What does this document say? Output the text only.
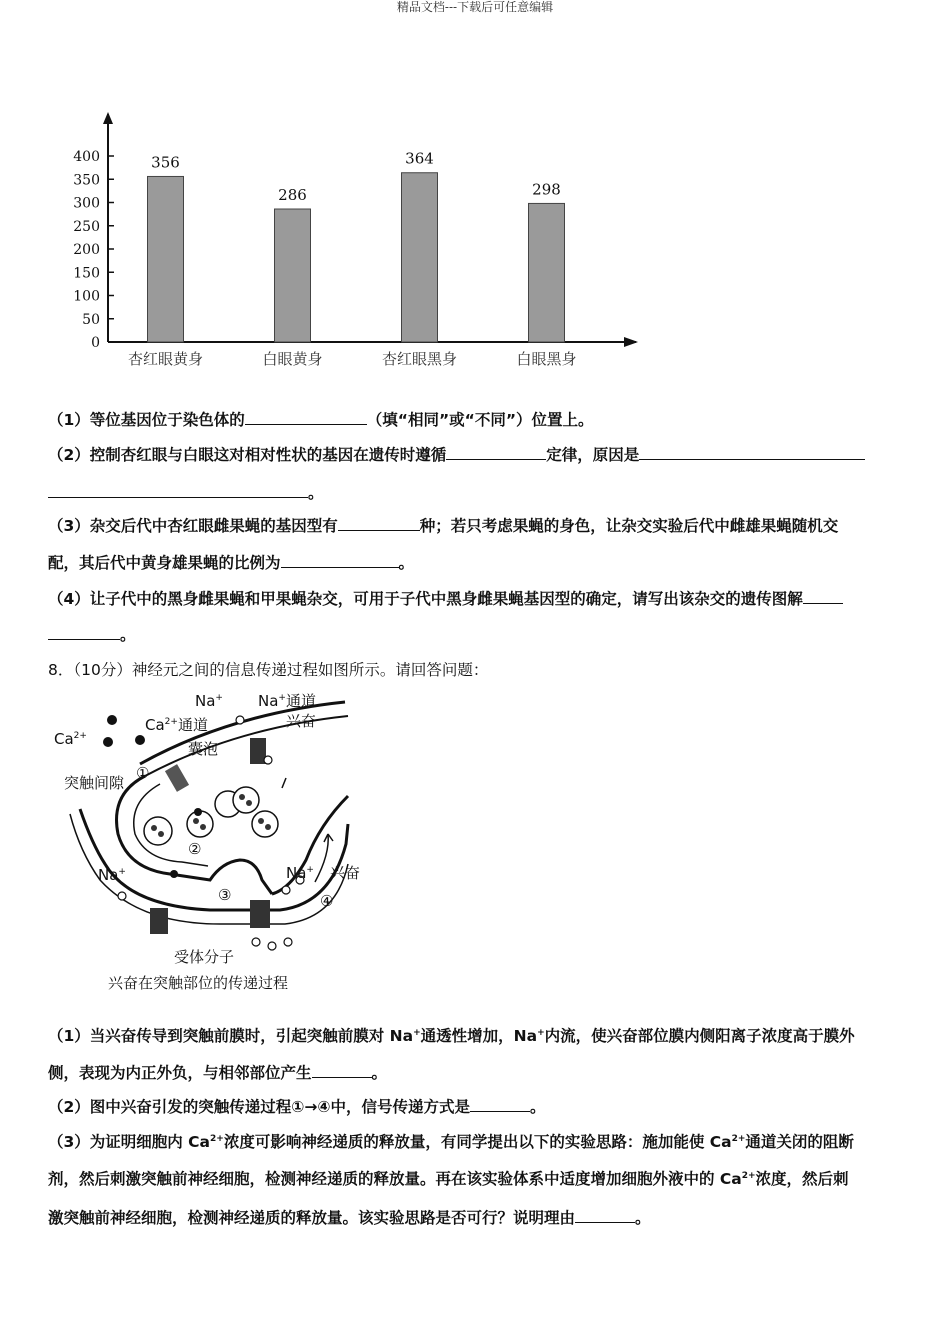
精品文档---下载后可任意编辑
0
50
100
150
200
250
300
350
400	356
杏红眼黄身
286
白眼黄身
364
杏红眼黑身
298
白眼黑身
（1）等位基因位于染色体的	（填“相同”或“不同”）位置上。
（2）控制杏红眼与白眼这对相对性状的基因在遗传时遵循	定律，原因是
。
（3）杂交后代中杏红眼雌果蝇的基因型有	种；若只考虑果蝇的身色，让杂交实验后代中雌雄果蝇随机交
配，其后代中黄身雄果蝇的比例为	。
（4）让子代中的黑身雌果蝇和甲果蝇杂交，可用于子代中黑身雌果蝇基因型的确定，请写出该杂交的遗传图解
。
8．（10分）神经元之间的信息传递过程如图所示。请回答问题：
Na+ Na+通道
兴奋
$Ca^{2+}$
$Ca^{2+}$通道
囊泡
突触间隙
Na+	Na+ 兴奋
①
②
③	④
受体分子
兴奋在突触部位的传递过程
（1）当兴奋传导到突触前膜时，引起突触前膜对 Na+通透性增加，Na+内流，使兴奋部位膜内侧阳离子浓度高于膜外
侧，表现为内正外负，与相邻部位产生	。
（2）图中兴奋引发的突触传递过程①→④中，信号传递方式是	。
（3）为证明细胞内 $Ca^{2+}$浓度可影响神经递质的释放量，有同学提出以下的实验思路：施加能使 $Ca^{2+}$通道关闭的阻断
剂，然后刺激突触前神经细胞，检测神经递质的释放量。再在该实验体系中适度增加细胞外液中的 $Ca^{2+}$浓度，然后刺
激突触前神经细胞，检测神经递质的释放量。该实验思路是否可行？说明理由	。
